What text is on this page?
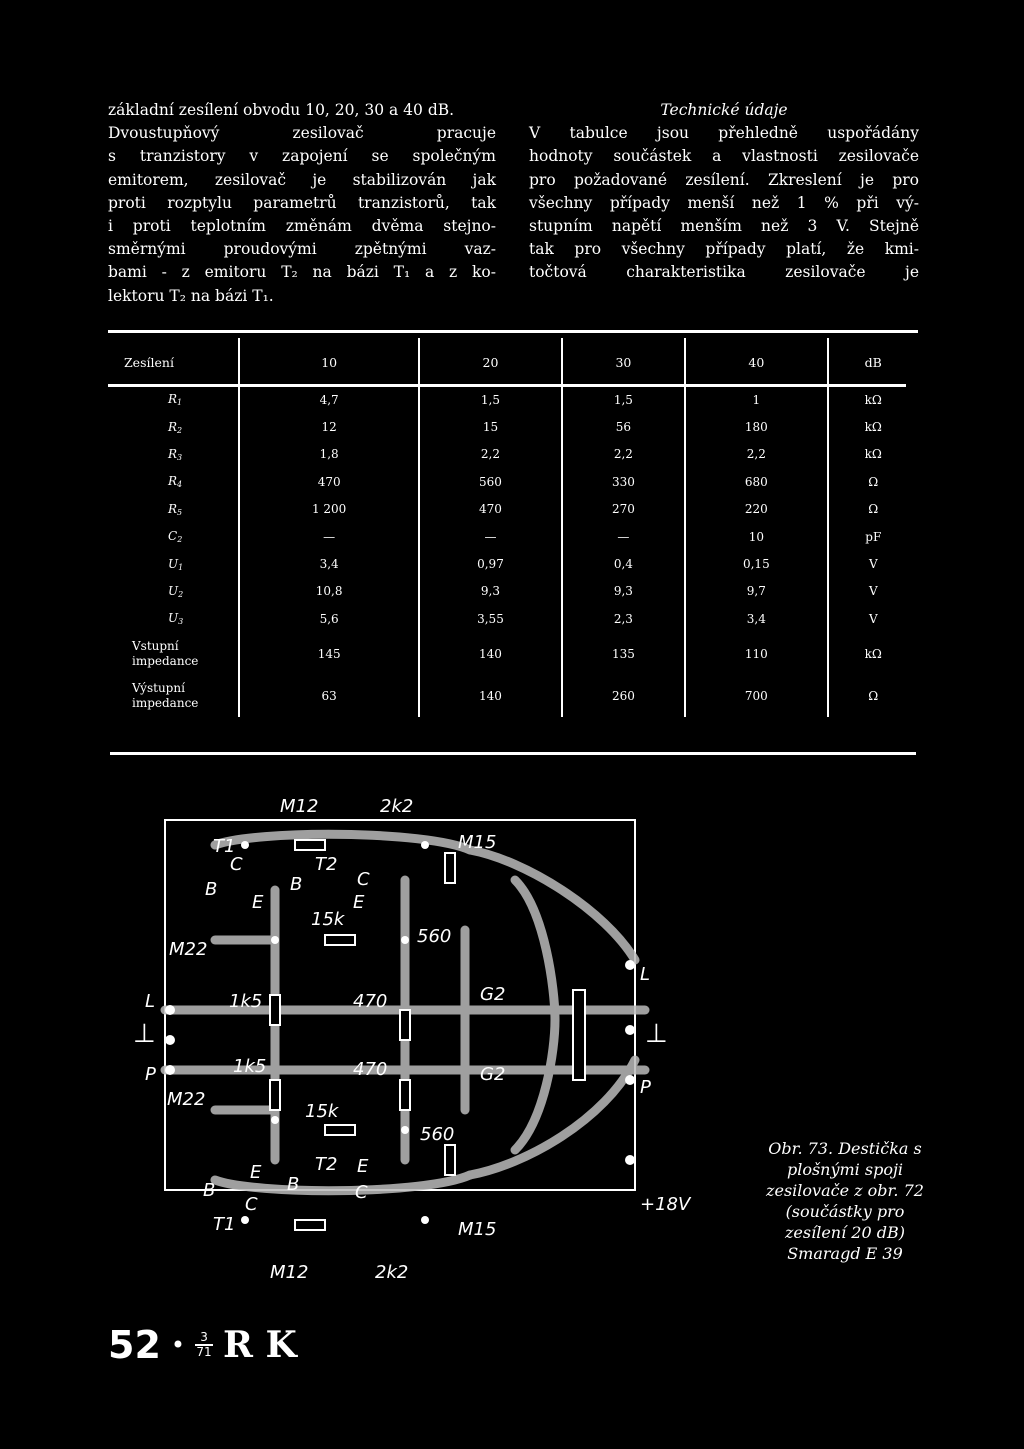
základní zesílení obvodu 10, 20, 30 a 40 dB.

Dvoustupňový zesilovač pracuje

s tranzistory v zapojení se společným

emitorem, zesilovač je stabilizován jak

proti rozptylu parametrů tranzistorů, tak

i proti teplotním změnám dvěma stejno-

směrnými proudovými zpětnými vaz-

bami - z emitoru T₂ na bázi T₁ a z ko-

lektoru T₂ na bázi T₁.

Technické údaje

V tabulce jsou přehledně uspořádány

hodnoty součástek a vlastnosti zesilovače

pro požadované zesílení. Zkreslení je pro

všechny případy menší než 1 % při vý-

stupním napětí menším než 3 V. Stejně

tak pro všechny případy platí, že kmi-

točtová charakteristika zesilovače je

Zesílení	10	20	30	40	dB
$R_1$	4,7	1,5	1,5	1	kΩ
$R_2$	12	15	56	180	kΩ
$R_3$	1,8	2,2	2,2	2,2	kΩ
$R_4$	470	560	330	680	Ω
$R_5$	1 200	470	270	220	Ω
$C_2$	—	—	—	10	pF
$U_1$	3,4	0,97	0,4	0,15	V
$U_2$	10,8	9,3	9,3	9,7	V
$U_3$	5,6	3,55	2,3	3,4	V
Vstupní impedance	145	140	135	110	kΩ
Výstupní impedance	63	140	260	700	Ω
M12	2k2
M15
T1
C	T2
B	B	C
E	E
15k
560
M22
L	1k5	470	G2
⊥	⊥
P	1k5	470	G2
M22
15k
560
E	T2 E
B	B
C
C
T1	M15
M12	2k2
L
P
+18V
Obr. 73. Destička s plošnými spoji zesilovače z obr. 72 (součástky pro zesílení 20 dB) Smaragd E 39
52 • 3
71 R K
